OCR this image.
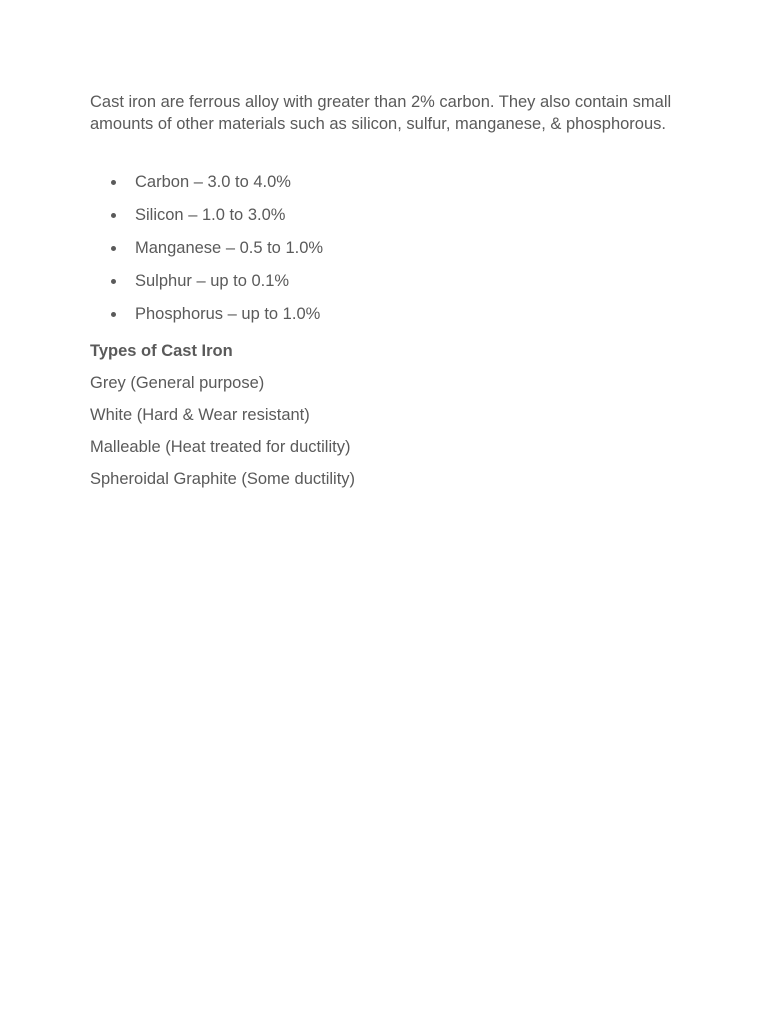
Cast iron are ferrous alloy with greater than 2% carbon. They also contain small amounts of other materials such as silicon, sulfur, manganese, & phosphorous.

Carbon – 3.0 to 4.0%
Silicon – 1.0 to 3.0%
Manganese – 0.5 to 1.0%
Sulphur – up to 0.1%
Phosphorus – up to 1.0%
Types of Cast Iron
Grey (General purpose)
White (Hard & Wear resistant)
Malleable (Heat treated for ductility)
Spheroidal Graphite (Some ductility)
